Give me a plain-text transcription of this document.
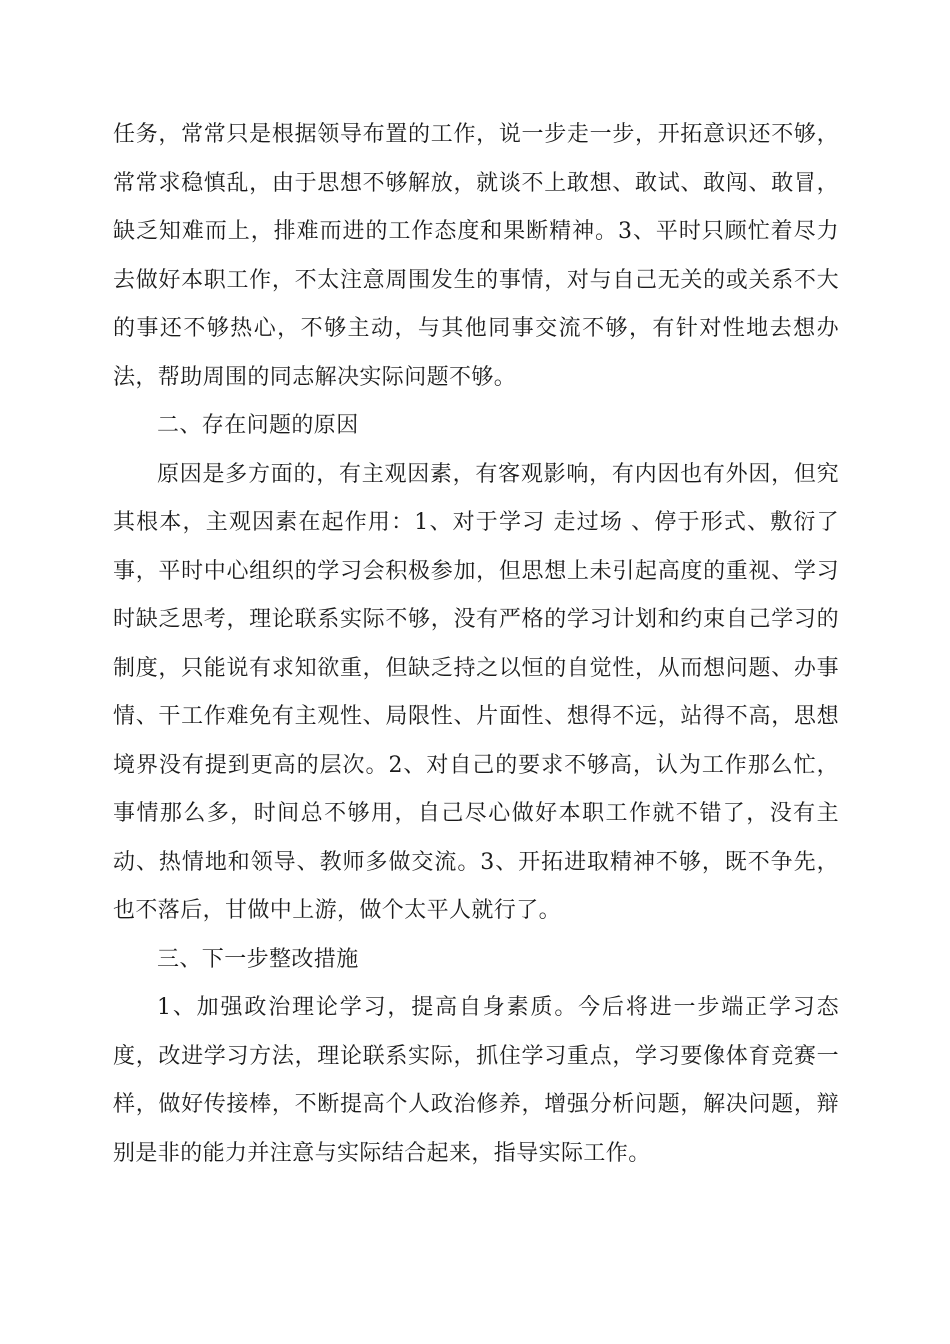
任务，常常只是根据领导布置的工作，说一步走一步，开拓意识还不够，常常求稳慎乱，由于思想不够解放，就谈不上敢想、敢试、敢闯、敢冒，缺乏知难而上，排难而进的工作态度和果断精神。3、平时只顾忙着尽力去做好本职工作，不太注意周围发生的事情，对与自己无关的或关系不大的事还不够热心，不够主动，与其他同事交流不够，有针对性地去想办法，帮助周围的同志解决实际问题不够。

二、存在问题的原因

原因是多方面的，有主观因素，有客观影响，有内因也有外因，但究其根本，主观因素在起作用：1、对于学习 走过场 、停于形式、敷衍了事，平时中心组织的学习会积极参加，但思想上未引起高度的重视、学习时缺乏思考，理论联系实际不够，没有严格的学习计划和约束自己学习的制度，只能说有求知欲重，但缺乏持之以恒的自觉性，从而想问题、办事情、干工作难免有主观性、局限性、片面性、想得不远，站得不高，思想境界没有提到更高的层次。2、对自己的要求不够高，认为工作那么忙，事情那么多，时间总不够用，自己尽心做好本职工作就不错了，没有主动、热情地和领导、教师多做交流。3、开拓进取精神不够，既不争先，也不落后，甘做中上游，做个太平人就行了。

三、下一步整改措施

1、加强政治理论学习，提高自身素质。今后将进一步端正学习态度，改进学习方法，理论联系实际，抓住学习重点，学习要像体育竞赛一样，做好传接棒，不断提高个人政治修养，增强分析问题，解决问题，辩别是非的能力并注意与实际结合起来，指导实际工作。
